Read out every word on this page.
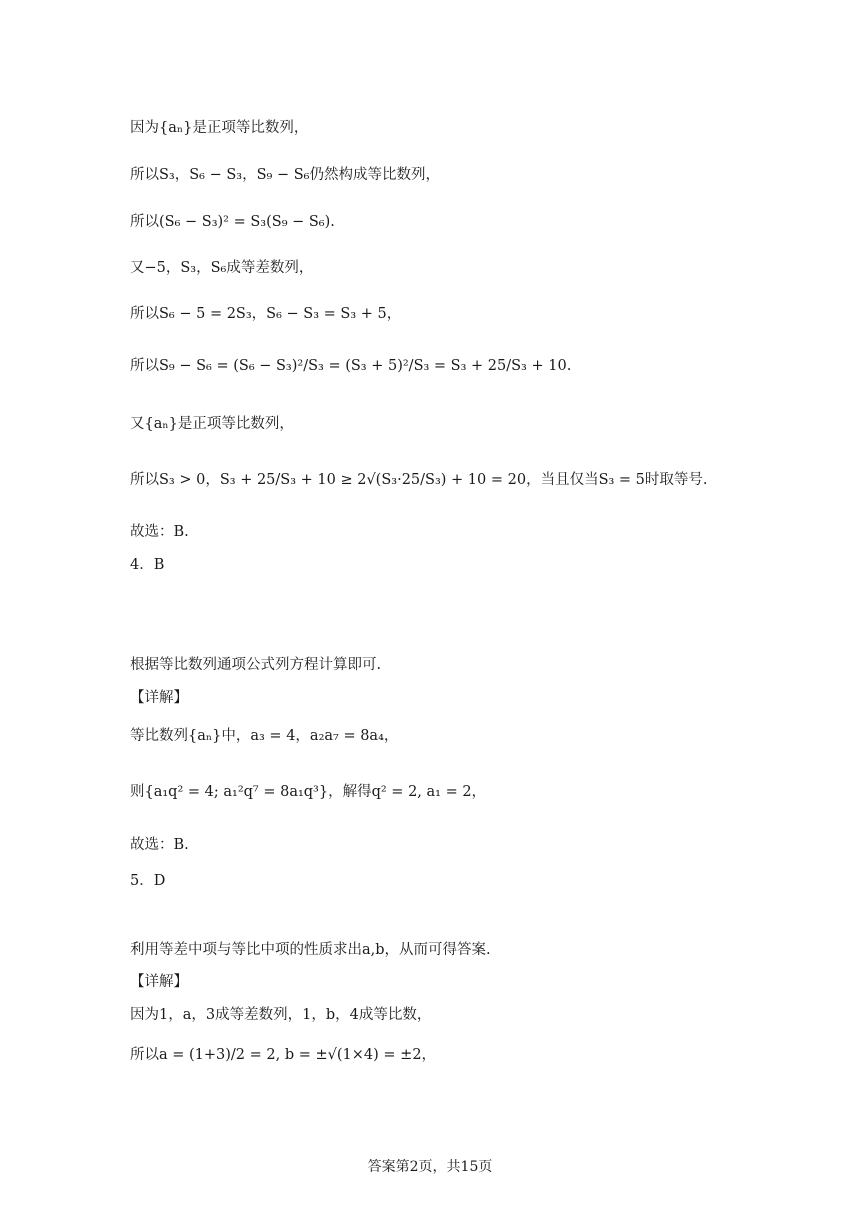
因为{aₙ}是正项等比数列，
所以S₃，S₆ − S₃，S₉ − S₆仍然构成等比数列，
所以(S₆ − S₃)² = S₃(S₉ − S₆).
又−5，S₃，S₆成等差数列，
所以S₆ − 5 = 2S₃，S₆ − S₃ = S₃ + 5，
所以S₉ − S₆ = (S₆ − S₃)²/S₃ = (S₃ + 5)²/S₃ = S₃ + 25/S₃ + 10.
又{aₙ}是正项等比数列，
所以S₃ > 0，S₃ + 25/S₃ + 10 ≥ 2√(S₃·25/S₃) + 10 = 20，当且仅当S₃ = 5时取等号.
故选：B.
4．B
根据等比数列通项公式列方程计算即可.
【详解】
等比数列{aₙ}中，a₃ = 4，a₂a₇ = 8a₄，
则{a₁q² = 4; a₁²q⁷ = 8a₁q³}，解得q² = 2, a₁ = 2，
故选：B.
5．D
利用等差中项与等比中项的性质求出a,b，从而可得答案.
【详解】
因为1，a，3成等差数列，1，b，4成等比数，
所以a = (1+3)/2 = 2, b = ±√(1×4) = ±2，
答案第2页，共15页
